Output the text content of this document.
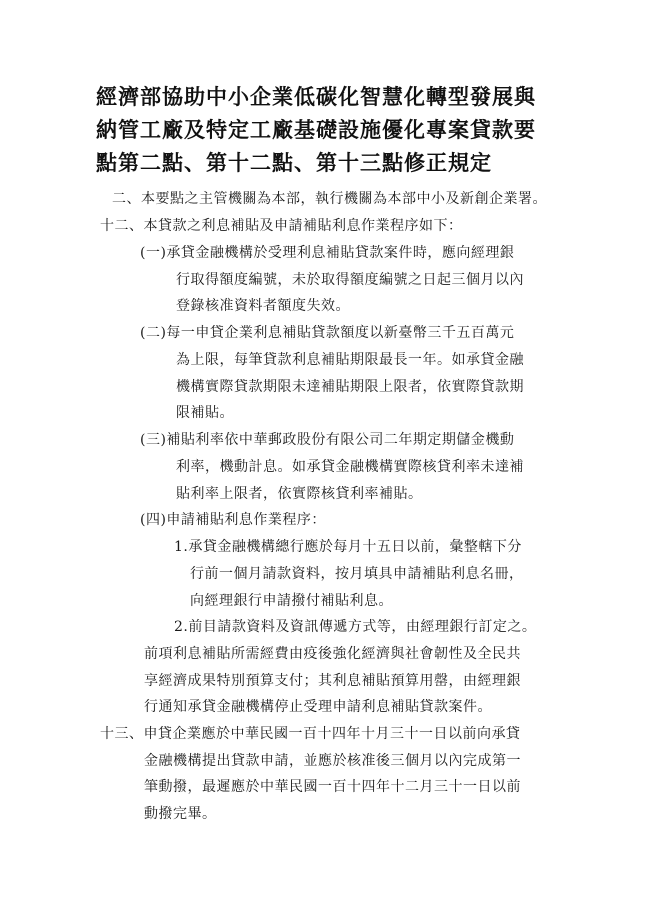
經濟部協助中小企業低碳化智慧化轉型發展與納管工廠及特定工廠基礎設施優化專案貸款要點第二點、第十二點、第十三點修正規定
二、本要點之主管機關為本部，執行機關為本部中小及新創企業署。
十二、本貸款之利息補貼及申請補貼利息作業程序如下：
(一)承貸金融機構於受理利息補貼貸款案件時，應向經理銀
行取得額度編號，未於取得額度編號之日起三個月以內
登錄核准資料者額度失效。
(二)每一申貸企業利息補貼貸款額度以新臺幣三千五百萬元
為上限，每筆貸款利息補貼期限最長一年。如承貸金融
機構實際貸款期限未達補貼期限上限者，依實際貸款期
限補貼。
(三)補貼利率依中華郵政股份有限公司二年期定期儲金機動
利率，機動計息。如承貸金融機構實際核貸利率未達補
貼利率上限者，依實際核貸利率補貼。
(四)申請補貼利息作業程序：
1.承貸金融機構總行應於每月十五日以前，彙整轄下分
行前一個月請款資料，按月填具申請補貼利息名冊，
向經理銀行申請撥付補貼利息。
2.前目請款資料及資訊傳遞方式等，由經理銀行訂定之。
前項利息補貼所需經費由疫後強化經濟與社會韌性及全民共
享經濟成果特別預算支付；其利息補貼預算用罄，由經理銀
行通知承貸金融機構停止受理申請利息補貼貸款案件。
十三、申貸企業應於中華民國一百十四年十月三十一日以前向承貸
金融機構提出貸款申請，並應於核准後三個月以內完成第一
筆動撥，最遲應於中華民國一百十四年十二月三十一日以前
動撥完畢。
